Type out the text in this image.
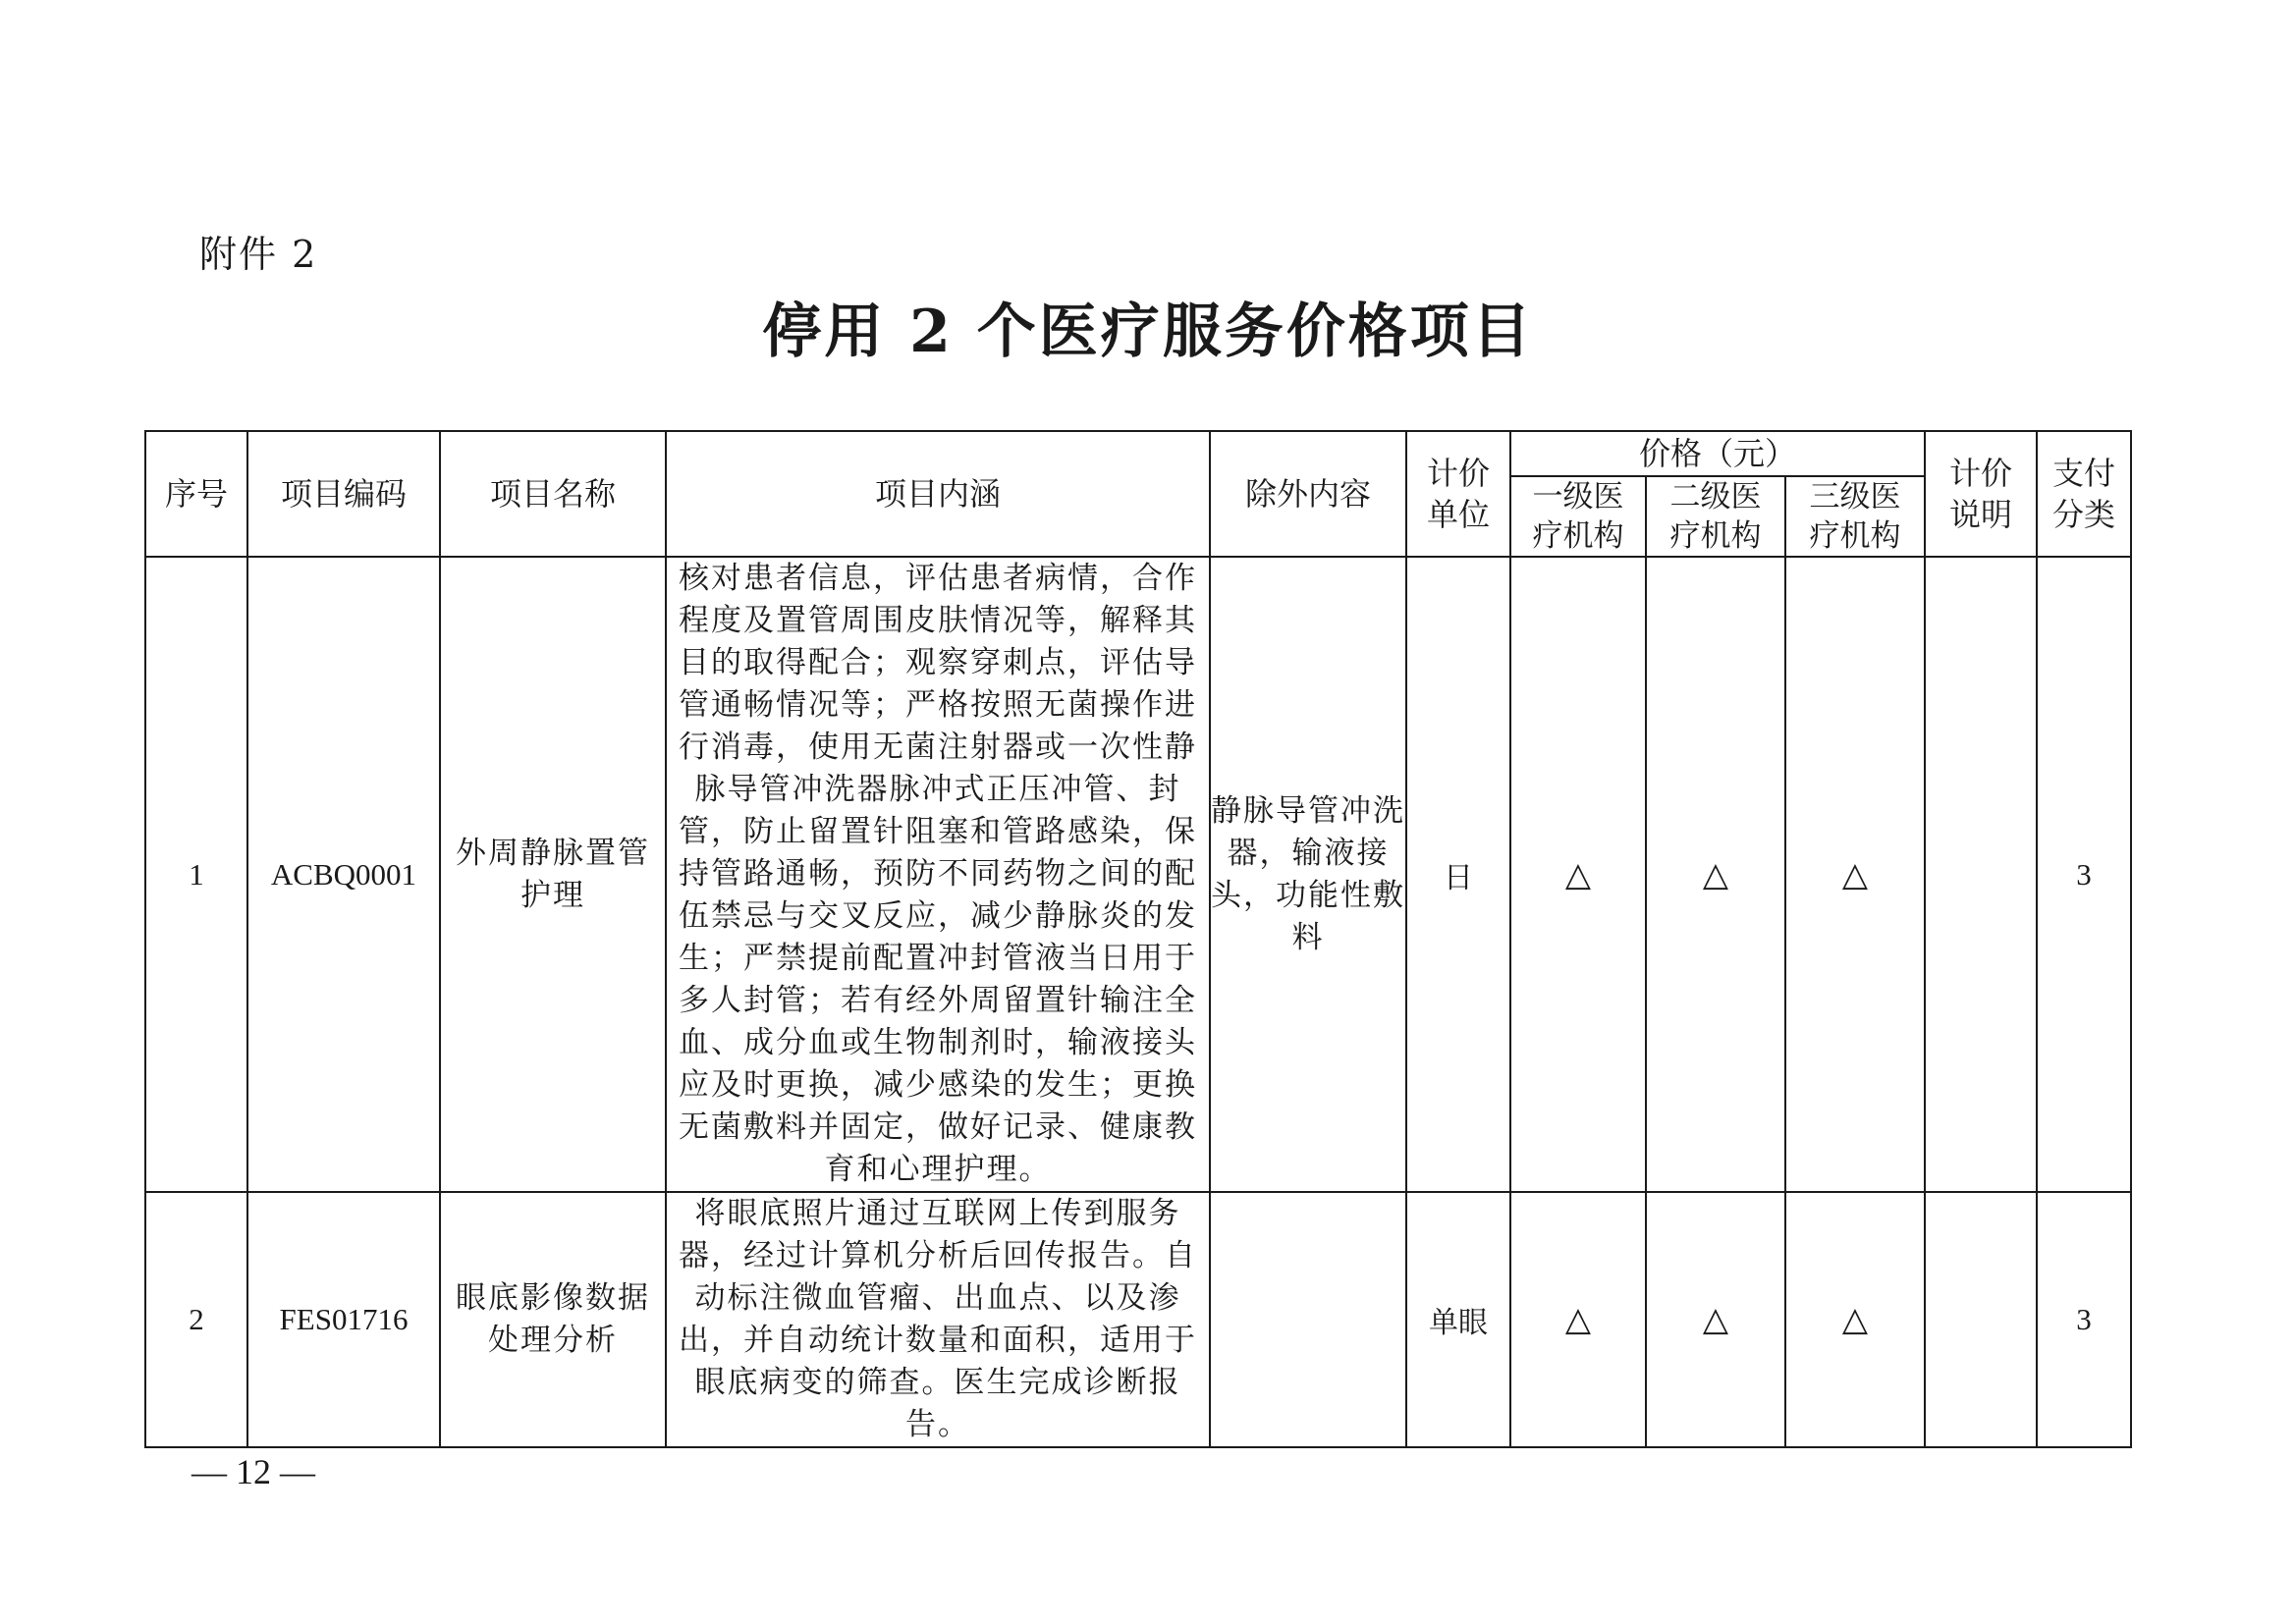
附件 2
停用 2 个医疗服务价格项目
序号	项目编码	项目名称	项目内涵	除外内容	计价单位	价格（元）			计价说明	支付分类
						一级医疗机构	二级医疗机构	三级医疗机构		
1	ACBQ0001	外周静脉置管护理	核对患者信息，评估患者病情，合作程度及置管周围皮肤情况等，解释其目的取得配合；观察穿刺点，评估导管通畅情况等；严格按照无菌操作进行消毒，使用无菌注射器或一次性静脉导管冲洗器脉冲式正压冲管、封管，防止留置针阻塞和管路感染，保持管路通畅，预防不同药物之间的配伍禁忌与交叉反应，减少静脉炎的发生；严禁提前配置冲封管液当日用于多人封管；若有经外周留置针输注全血、成分血或生物制剂时，输液接头应及时更换，减少感染的发生；更换无菌敷料并固定，做好记录、健康教育和心理护理。	静脉导管冲洗器，输液接头，功能性敷料	日	△	△	△		3
2	FES01716	眼底影像数据处理分析	将眼底照片通过互联网上传到服务器，经过计算机分析后回传报告。自动标注微血管瘤、出血点、以及渗出，并自动统计数量和面积，适用于眼底病变的筛查。医生完成诊断报告。		单眼	△	△	△		3
— 12 —
